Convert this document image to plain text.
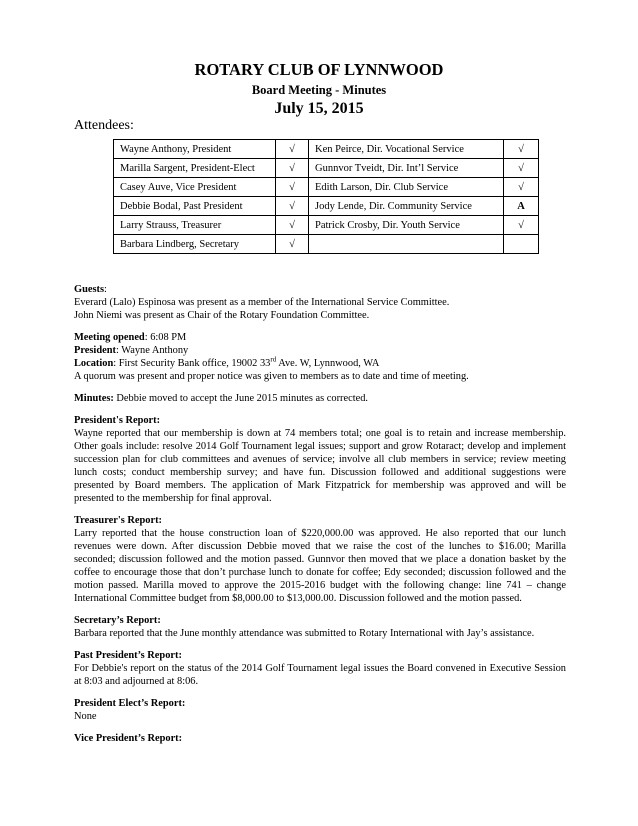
ROTARY CLUB OF LYNNWOOD
Board Meeting - Minutes
July 15, 2015
Attendees:
Wayne Anthony, President	√	Ken Peirce, Dir. Vocational Service	√
Marilla Sargent, President-Elect	√	Gunnvor Tveidt, Dir. Int’l Service	√
Casey Auve, Vice President	√	Edith Larson, Dir. Club Service	√
Debbie Bodal, Past President	√	Jody Lende, Dir. Community Service	A
Larry Strauss, Treasurer	√	Patrick Crosby, Dir. Youth Service	√
Barbara Lindberg, Secretary	√		

Guests:
Everard (Lalo) Espinosa was present as a member of the International Service Committee.
John Niemi was present as Chair of the Rotary Foundation Committee.

Meeting opened: 6:08 PM
President: Wayne Anthony
Location: First Security Bank office, 19002 33rd Ave. W, Lynnwood, WA
A quorum was present and proper notice was given to members as to date and time of meeting.

Minutes: Debbie moved to accept the June 2015 minutes as corrected.

President's Report:
Wayne reported that our membership is down at 74 members total; one goal is to retain and increase membership. Other goals include: resolve 2014 Golf Tournament legal issues; support and grow Rotaract; develop and implement succession plan for club committees and avenues of service; involve all club members in service; review meeting lunch costs; conduct membership survey; and have fun. Discussion followed and additional suggestions were presented by Board members. The application of Mark Fitzpatrick for membership was approved and will be presented to the membership for final approval.

Treasurer's Report:
Larry reported that the house construction loan of $220,000.00 was approved. He also reported that our lunch revenues were down. After discussion Debbie moved that we raise the cost of the lunches to $16.00; Marilla seconded; discussion followed and the motion passed. Gunnvor then moved that we place a donation basket by the coffee to encourage those that don’t purchase lunch to donate for coffee; Edy seconded; discussion followed and the motion passed. Marilla moved to approve the 2015-2016 budget with the following change: line 741 – change International Committee budget from $8,000.00 to $13,000.00. Discussion followed and the motion passed.

Secretary’s Report:
Barbara reported that the June monthly attendance was submitted to Rotary International with Jay’s assistance.

Past President’s Report:
For Debbie's report on the status of the 2014 Golf Tournament legal issues the Board convened in Executive Session at 8:03 and adjourned at 8:06.

President Elect’s Report:
None

Vice President’s Report:
